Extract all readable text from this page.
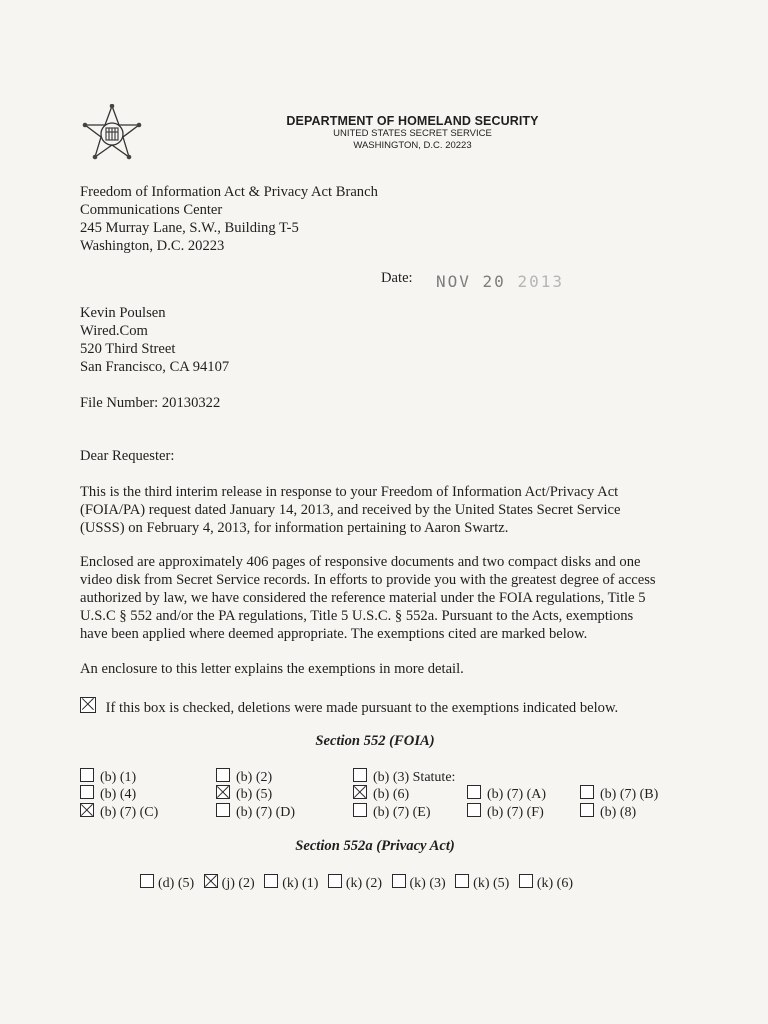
DEPARTMENT OF HOMELAND SECURITY
UNITED STATES SECRET SERVICE
WASHINGTON, D.C. 20223
Freedom of Information Act & Privacy Act Branch
Communications Center
245 Murray Lane, S.W., Building T-5
Washington, D.C. 20223
Date: NOV 20 2013
Kevin Poulsen
Wired.Com
520 Third Street
San Francisco, CA 94107
File Number: 20130322
Dear Requester:
This is the third interim release in response to your Freedom of Information Act/Privacy Act
(FOIA/PA) request dated January 14, 2013, and received by the United States Secret Service
(USSS) on February 4, 2013, for information pertaining to Aaron Swartz.
Enclosed are approximately 406 pages of responsive documents and two compact disks and one
video disk from Secret Service records. In efforts to provide you with the greatest degree of access
authorized by law, we have considered the reference material under the FOIA regulations, Title 5
U.S.C § 552 and/or the PA regulations, Title 5 U.S.C. § 552a. Pursuant to the Acts, exemptions
have been applied where deemed appropriate. The exemptions cited are marked below.
An enclosure to this letter explains the exemptions in more detail.
If this box is checked, deletions were made pursuant to the exemptions indicated below.
Section 552 (FOIA)
(b) (1)	(b) (2)	(b) (3) Statute:
(b) (4)	(b) (5)	(b) (6)	(b) (7) (A)	(b) (7) (B)
(b) (7) (C)	(b) (7) (D)	(b) (7) (E)	(b) (7) (F)	(b) (8)
Section 552a (Privacy Act)
(d) (5) (j) (2) (k) (1) (k) (2) (k) (3) (k) (5) (k) (6)
